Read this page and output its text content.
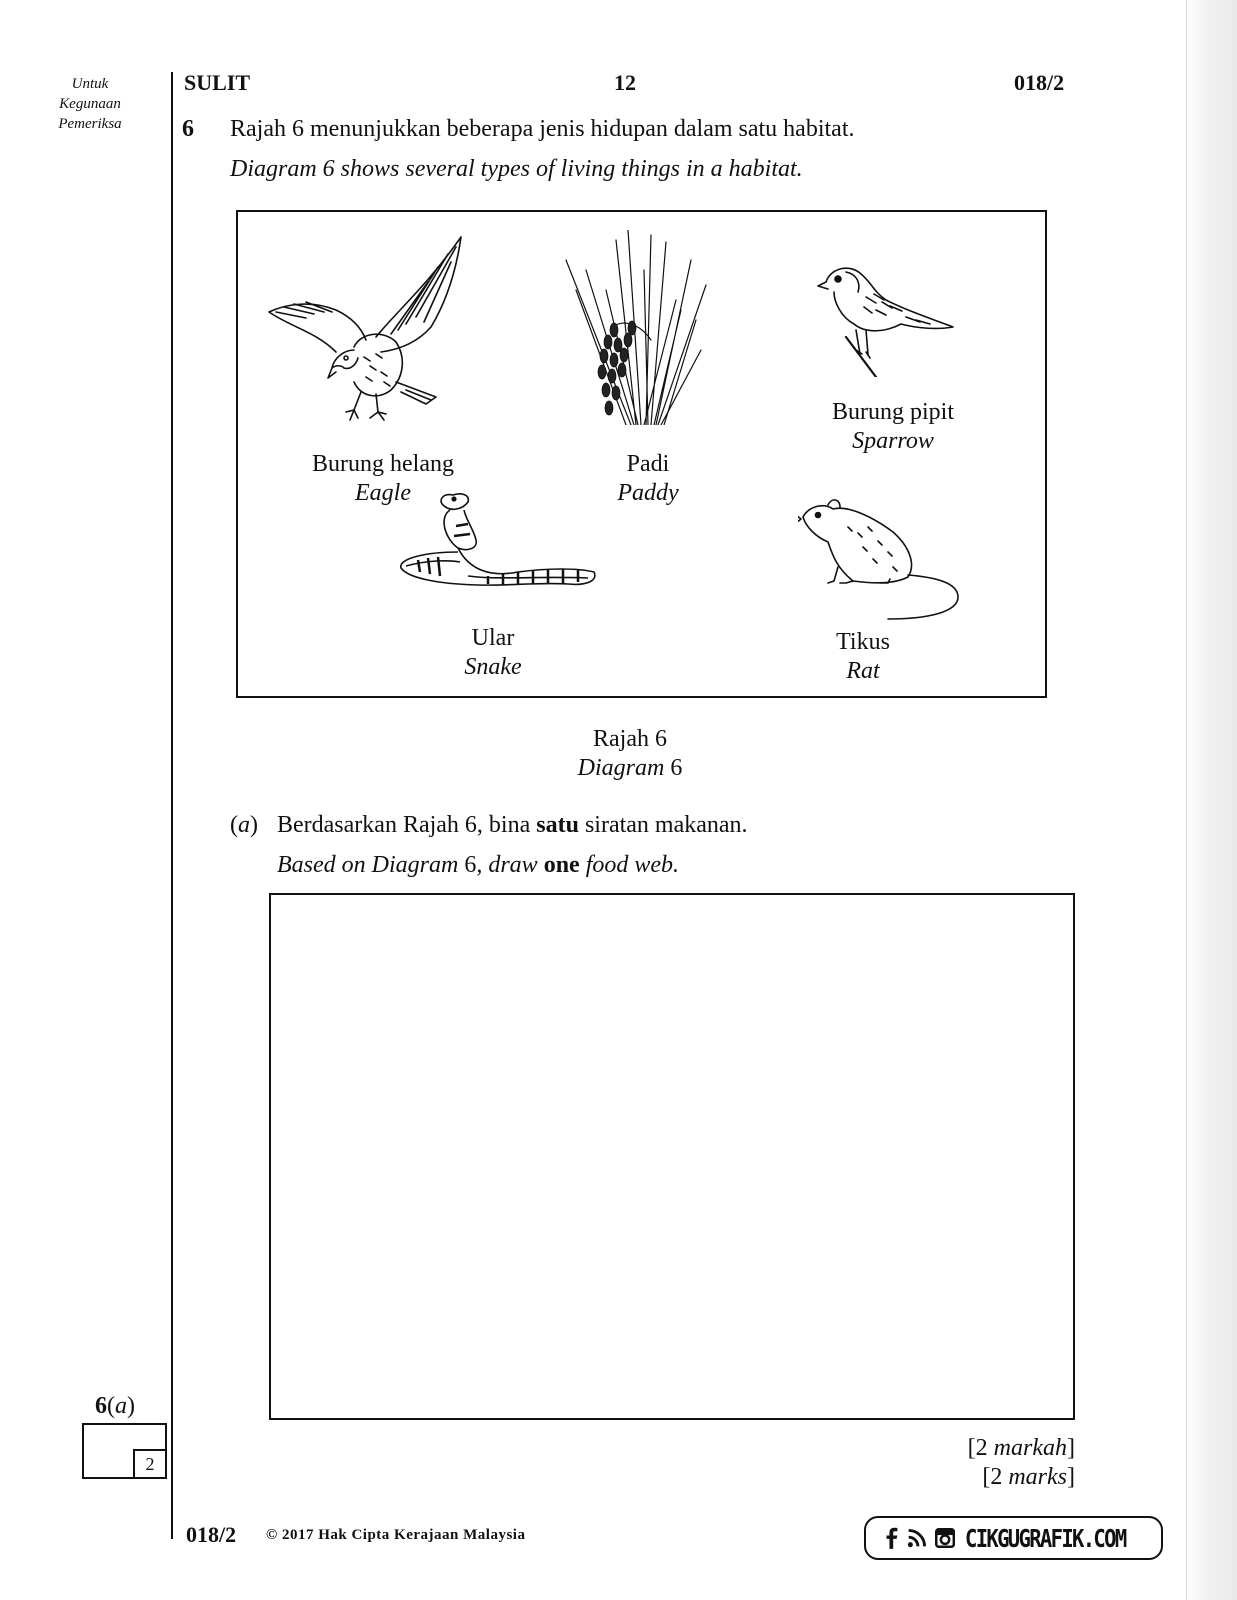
Untuk
Kegunaan
Pemeriksa
SULIT	12	018/2
6 Rajah 6 menunjukkan beberapa jenis hidupan dalam satu habitat.
Diagram 6 shows several types of living things in a habitat.
Burung helang
Eagle
Padi
Paddy
Burung pipit
Sparrow
Ular
Snake
Tikus
Rat
Rajah 6
Diagram 6
(a) Berdasarkan Rajah 6, bina satu siratan makanan.
Based on Diagram 6, draw one food web.
[2 markah]
[2 marks]
6(a)
2
018/2 © 2017 Hak Cipta Kerajaan Malaysia	CIKGUGRAFIK.COM
